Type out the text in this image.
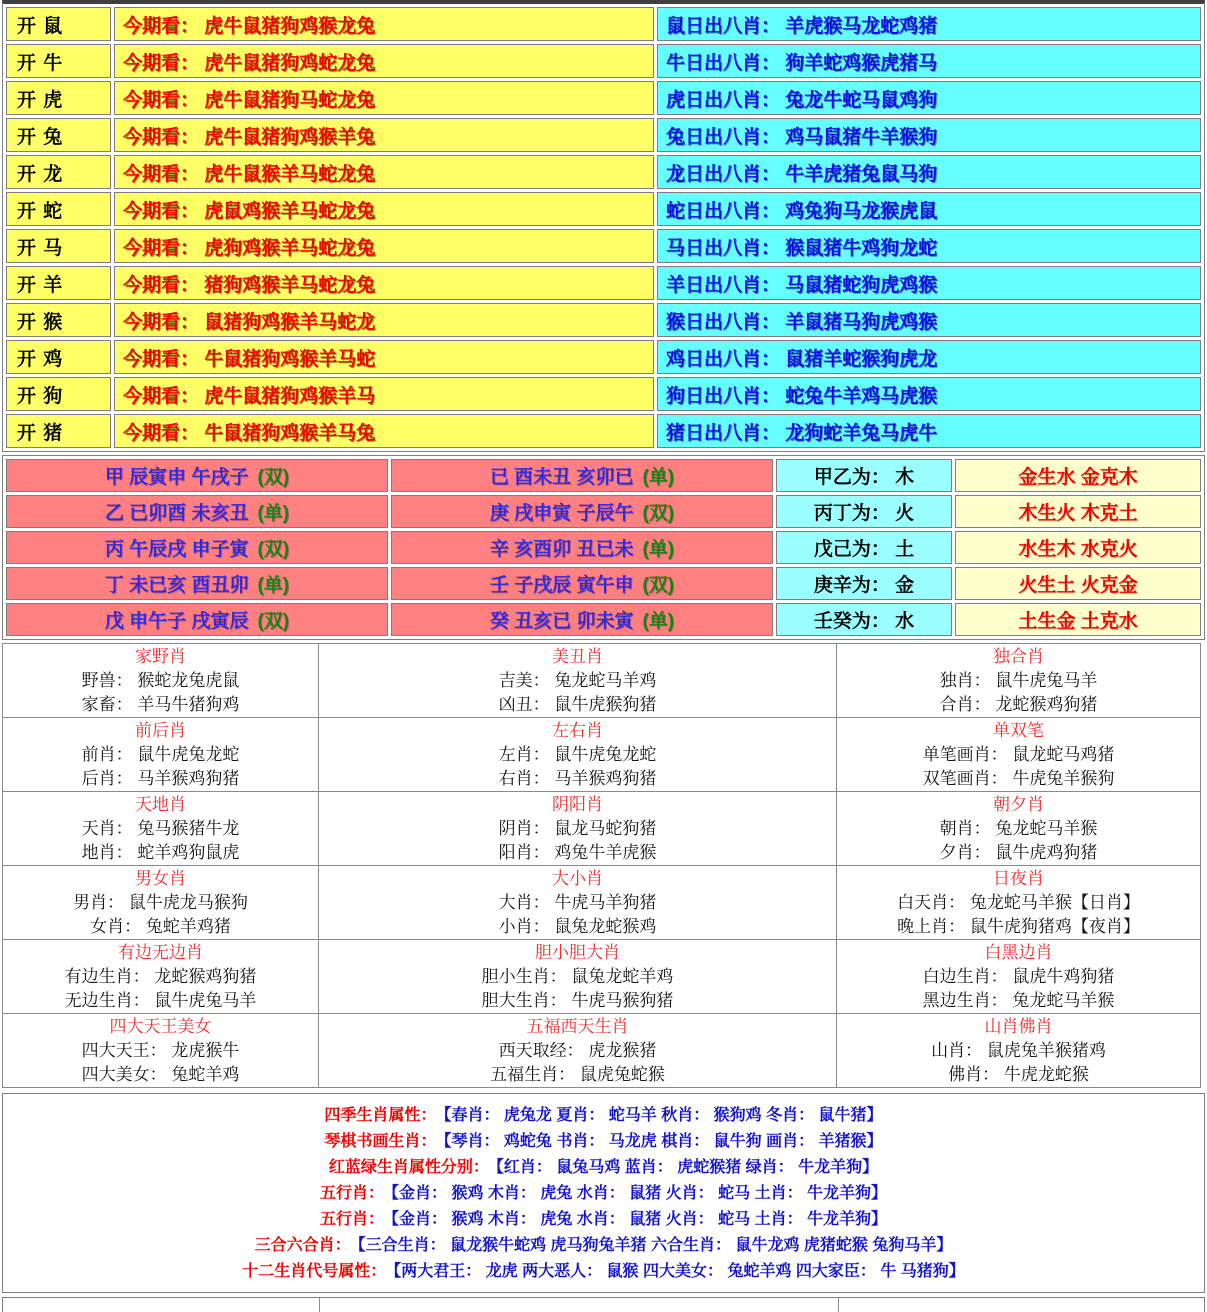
开 鼠	今期看： 虎牛鼠猪狗鸡猴龙兔	鼠日出八肖： 羊虎猴马龙蛇鸡猪
开 牛	今期看： 虎牛鼠猪狗鸡蛇龙兔	牛日出八肖： 狗羊蛇鸡猴虎猪马
开 虎	今期看： 虎牛鼠猪狗马蛇龙兔	虎日出八肖： 兔龙牛蛇马鼠鸡狗
开 兔	今期看： 虎牛鼠猪狗鸡猴羊兔	兔日出八肖： 鸡马鼠猪牛羊猴狗
开 龙	今期看： 虎牛鼠猴羊马蛇龙兔	龙日出八肖： 牛羊虎猪兔鼠马狗
开 蛇	今期看： 虎鼠鸡猴羊马蛇龙兔	蛇日出八肖： 鸡兔狗马龙猴虎鼠
开 马	今期看： 虎狗鸡猴羊马蛇龙兔	马日出八肖： 猴鼠猪牛鸡狗龙蛇
开 羊	今期看： 猪狗鸡猴羊马蛇龙兔	羊日出八肖： 马鼠猪蛇狗虎鸡猴
开 猴	今期看： 鼠猪狗鸡猴羊马蛇龙	猴日出八肖： 羊鼠猪马狗虎鸡猴
开 鸡	今期看： 牛鼠猪狗鸡猴羊马蛇	鸡日出八肖： 鼠猪羊蛇猴狗虎龙
开 狗	今期看： 虎牛鼠猪狗鸡猴羊马	狗日出八肖： 蛇兔牛羊鸡马虎猴
开 猪	今期看： 牛鼠猪狗鸡猴羊马兔	猪日出八肖： 龙狗蛇羊兔马虎牛
甲 辰寅申 午戌子 (双)	已 酉未丑 亥卯已 (单)	甲乙为： 木	金生水 金克木
乙 已卯酉 未亥丑 (单)	庚 戌申寅 子辰午 (双)	丙丁为： 火	木生火 木克土
丙 午辰戌 申子寅 (双)	辛 亥酉卯 丑已未 (单)	戊己为： 土	水生木 水克火
丁 未已亥 酉丑卯 (单)	壬 子戌辰 寅午申 (双)	庚辛为： 金	火生土 火克金
戊 申午子 戌寅辰 (双)	癸 丑亥已 卯未寅 (单)	壬癸为： 水	土生金 土克水
家野肖
野兽： 猴蛇龙兔虎鼠
家畜： 羊马牛猪狗鸡

美丑肖
吉美： 兔龙蛇马羊鸡
凶丑： 鼠牛虎猴狗猪

独合肖
独肖： 鼠牛虎兔马羊
合肖： 龙蛇猴鸡狗猪

前后肖
前肖： 鼠牛虎兔龙蛇
后肖： 马羊猴鸡狗猪

左右肖
左肖： 鼠牛虎兔龙蛇
右肖： 马羊猴鸡狗猪

单双笔
单笔画肖： 鼠龙蛇马鸡猪
双笔画肖： 牛虎兔羊猴狗

天地肖
天肖： 兔马猴猪牛龙
地肖： 蛇羊鸡狗鼠虎

阴阳肖
阴肖： 鼠龙马蛇狗猪
阳肖： 鸡兔牛羊虎猴

朝夕肖
朝肖： 兔龙蛇马羊猴
夕肖： 鼠牛虎鸡狗猪

男女肖
男肖： 鼠牛虎龙马猴狗
女肖： 兔蛇羊鸡猪

大小肖
大肖： 牛虎马羊狗猪
小肖： 鼠兔龙蛇猴鸡

日夜肖
白天肖： 兔龙蛇马羊猴【日肖】
晚上肖： 鼠牛虎狗猪鸡【夜肖】

有边无边肖
有边生肖： 龙蛇猴鸡狗猪
无边生肖： 鼠牛虎兔马羊

胆小胆大肖
胆小生肖： 鼠兔龙蛇羊鸡
胆大生肖： 牛虎马猴狗猪

白黑边肖
白边生肖： 鼠虎牛鸡狗猪
黑边生肖： 兔龙蛇马羊猴

四大天王美女
四大天王： 龙虎猴牛
四大美女： 兔蛇羊鸡

五福西天生肖
西天取经： 虎龙猴猪
五福生肖： 鼠虎兔蛇猴

山肖佛肖
山肖： 鼠虎兔羊猴猪鸡
佛肖： 牛虎龙蛇猴
四季生肖属性： 【春肖： 虎兔龙 夏肖： 蛇马羊 秋肖： 猴狗鸡 冬肖： 鼠牛猪】
琴棋书画生肖： 【琴肖： 鸡蛇兔 书肖： 马龙虎 棋肖： 鼠牛狗 画肖： 羊猪猴】
红蓝绿生肖属性分别： 【红肖： 鼠兔马鸡 蓝肖： 虎蛇猴猪 绿肖： 牛龙羊狗】
五行肖： 【金肖： 猴鸡 木肖： 虎兔 水肖： 鼠猪 火肖： 蛇马 土肖： 牛龙羊狗】
五行肖： 【金肖： 猴鸡 木肖： 虎兔 水肖： 鼠猪 火肖： 蛇马 土肖： 牛龙羊狗】
三合六合肖： 【三合生肖： 鼠龙猴牛蛇鸡 虎马狗兔羊猪 六合生肖： 鼠牛龙鸡 虎猪蛇猴 兔狗马羊】
十二生肖代号属性： 【两大君王： 龙虎 两大恶人： 鼠猴 四大美女： 兔蛇羊鸡 四大家臣： 牛 马猪狗】
